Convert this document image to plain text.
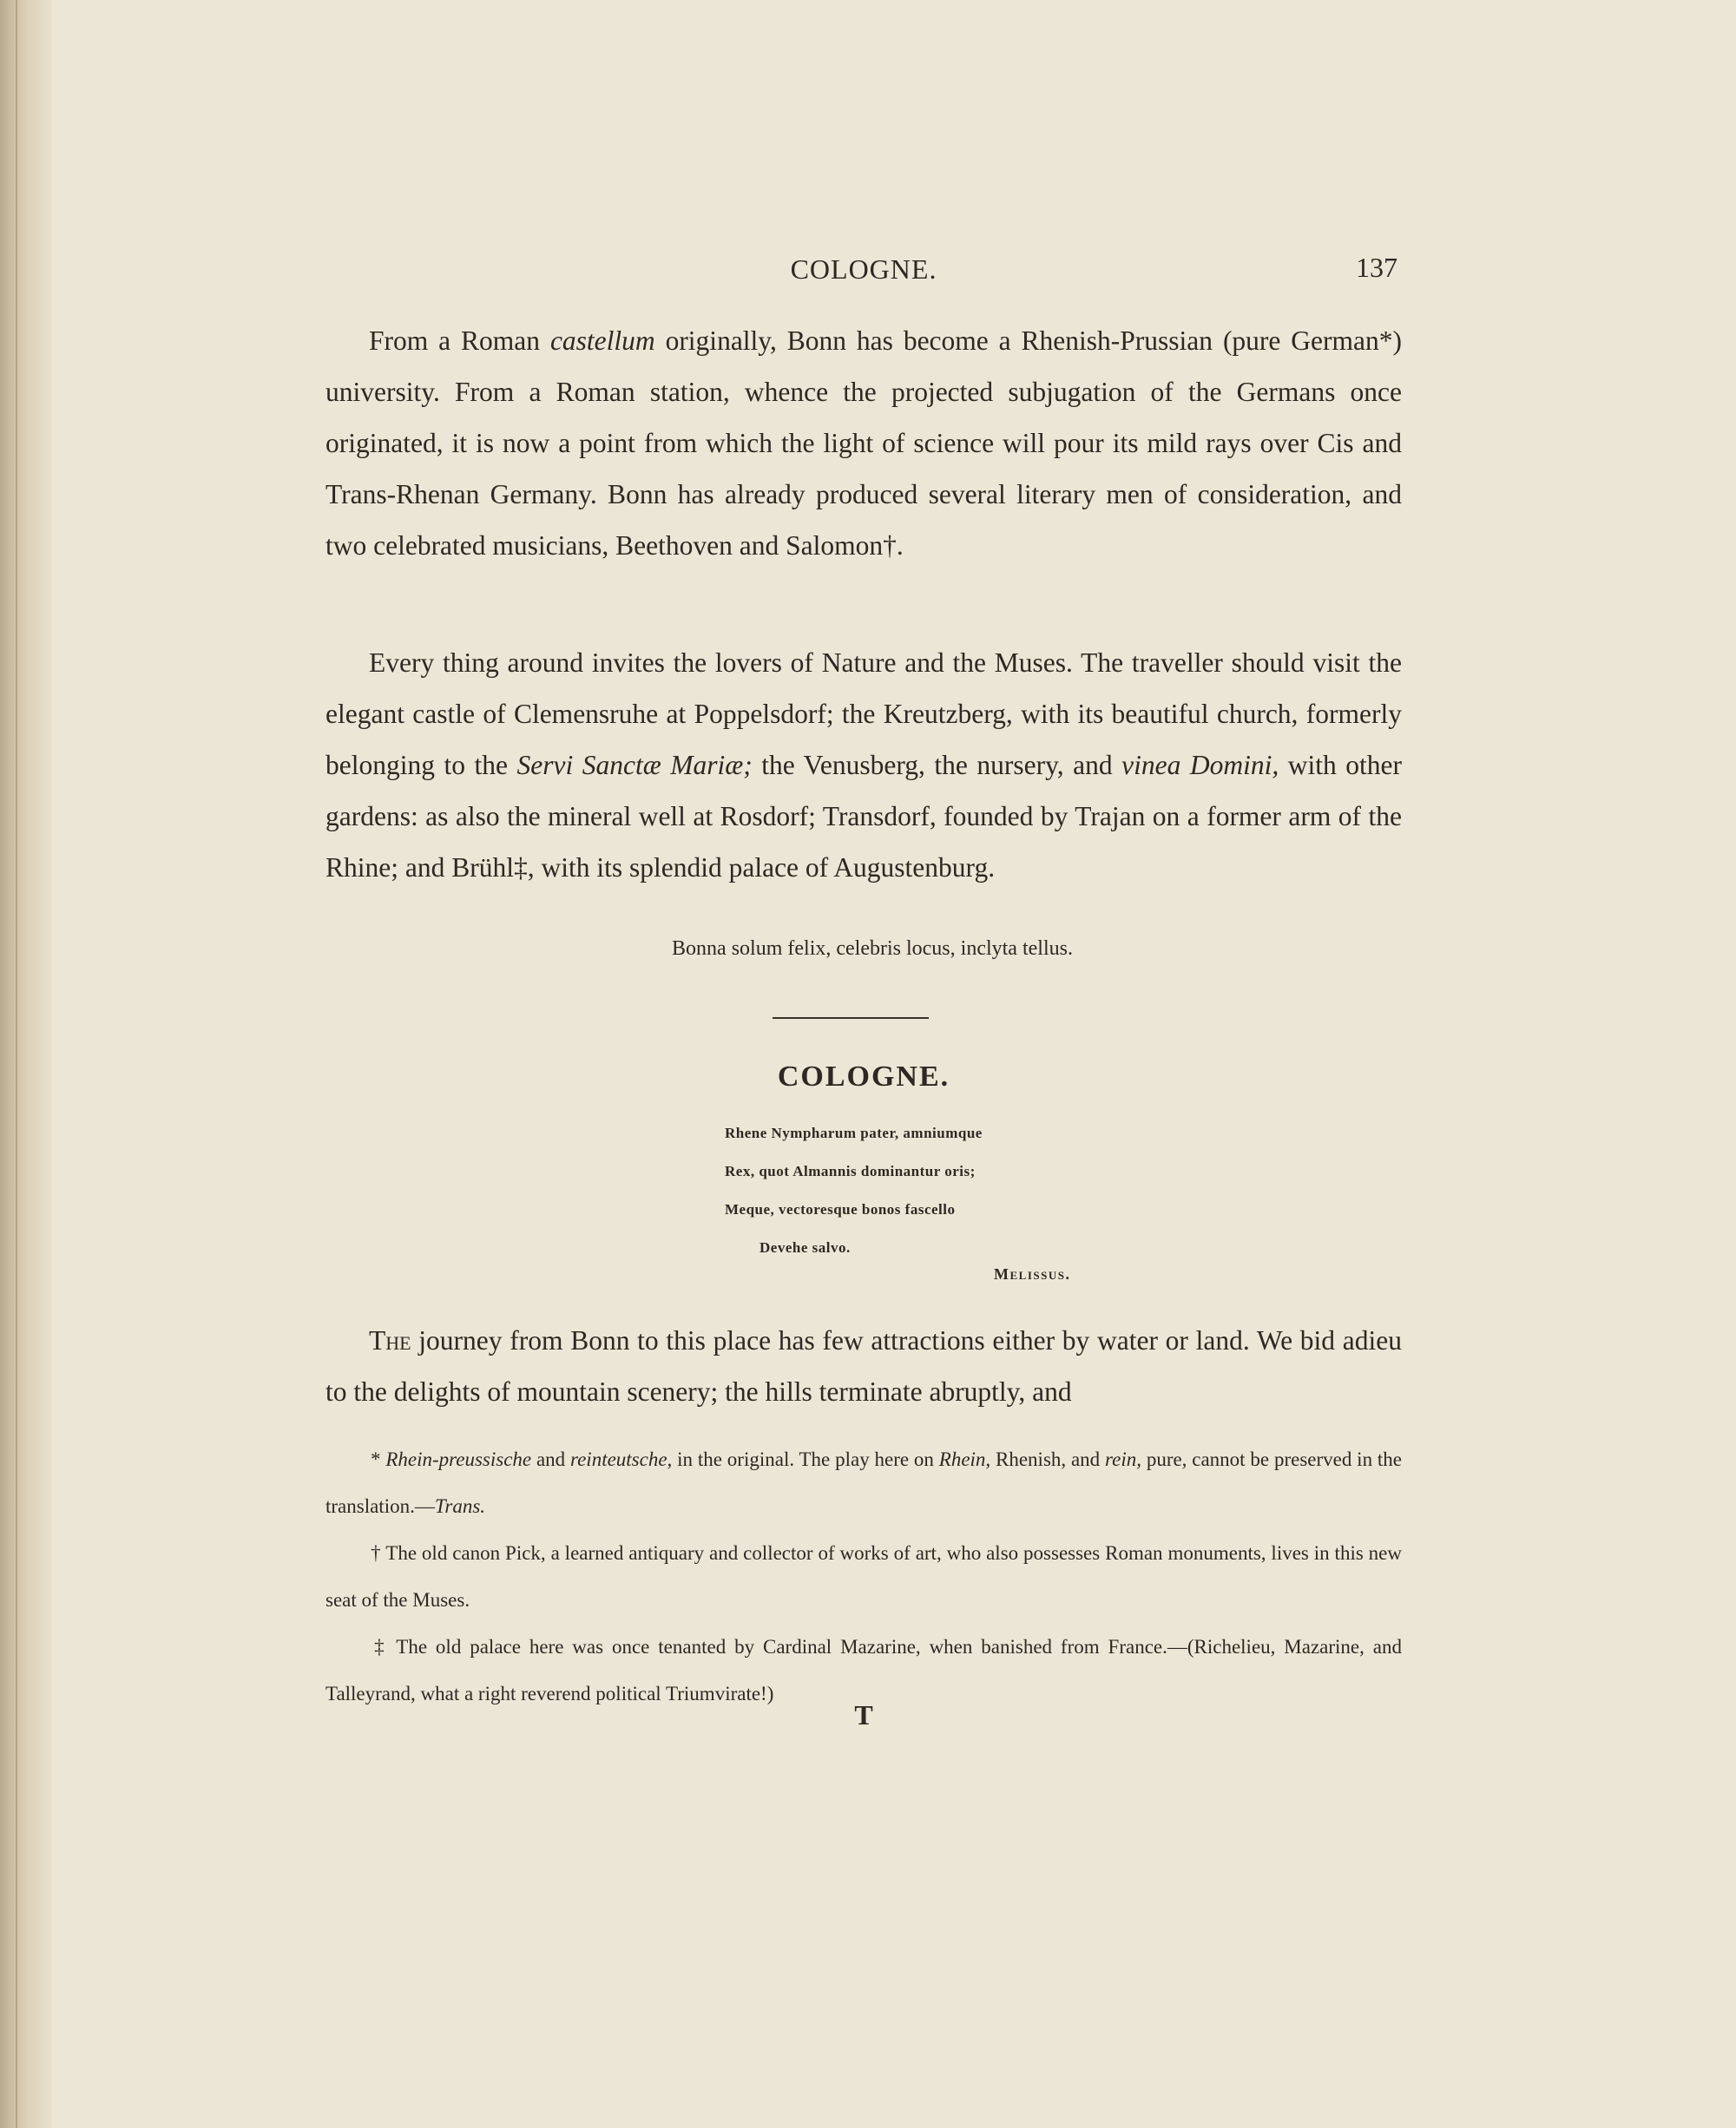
COLOGNE.	137

From a Roman castellum originally, Bonn has become a Rhenish-Prussian (pure German*) university. From a Roman station, whence the projected subjugation of the Germans once originated, it is now a point from which the light of science will pour its mild rays over Cis and Trans-Rhenan Germany. Bonn has already produced several literary men of consideration, and two celebrated musicians, Beethoven and Salomon†.

Every thing around invites the lovers of Nature and the Muses. The traveller should visit the elegant castle of Clemensruhe at Poppelsdorf; the Kreutzberg, with its beautiful church, formerly belonging to the Servi Sanctæ Mariæ; the Venusberg, the nursery, and vinea Domini, with other gardens: as also the mineral well at Rosdorf; Transdorf, founded by Trajan on a former arm of the Rhine; and Brühl‡, with its splendid palace of Augustenburg.

Bonna solum felix, celebris locus, inclyta tellus.
COLOGNE.
Rhene Nympharum pater, amniumque
Rex, quot Almannis dominantur oris;
Meque, vectoresque bonos fascello
Devehe salvo.
Melissus.

The journey from Bonn to this place has few attractions either by water or land. We bid adieu to the delights of mountain scenery; the hills terminate abruptly, and

* Rhein-preussische and reinteutsche, in the original. The play here on Rhein, Rhenish, and rein, pure, cannot be preserved in the translation.—Trans.

† The old canon Pick, a learned antiquary and collector of works of art, who also possesses Roman monuments, lives in this new seat of the Muses.

‡ The old palace here was once tenanted by Cardinal Mazarine, when banished from France.—(Richelieu, Mazarine, and Talleyrand, what a right reverend political Triumvirate!)

T
